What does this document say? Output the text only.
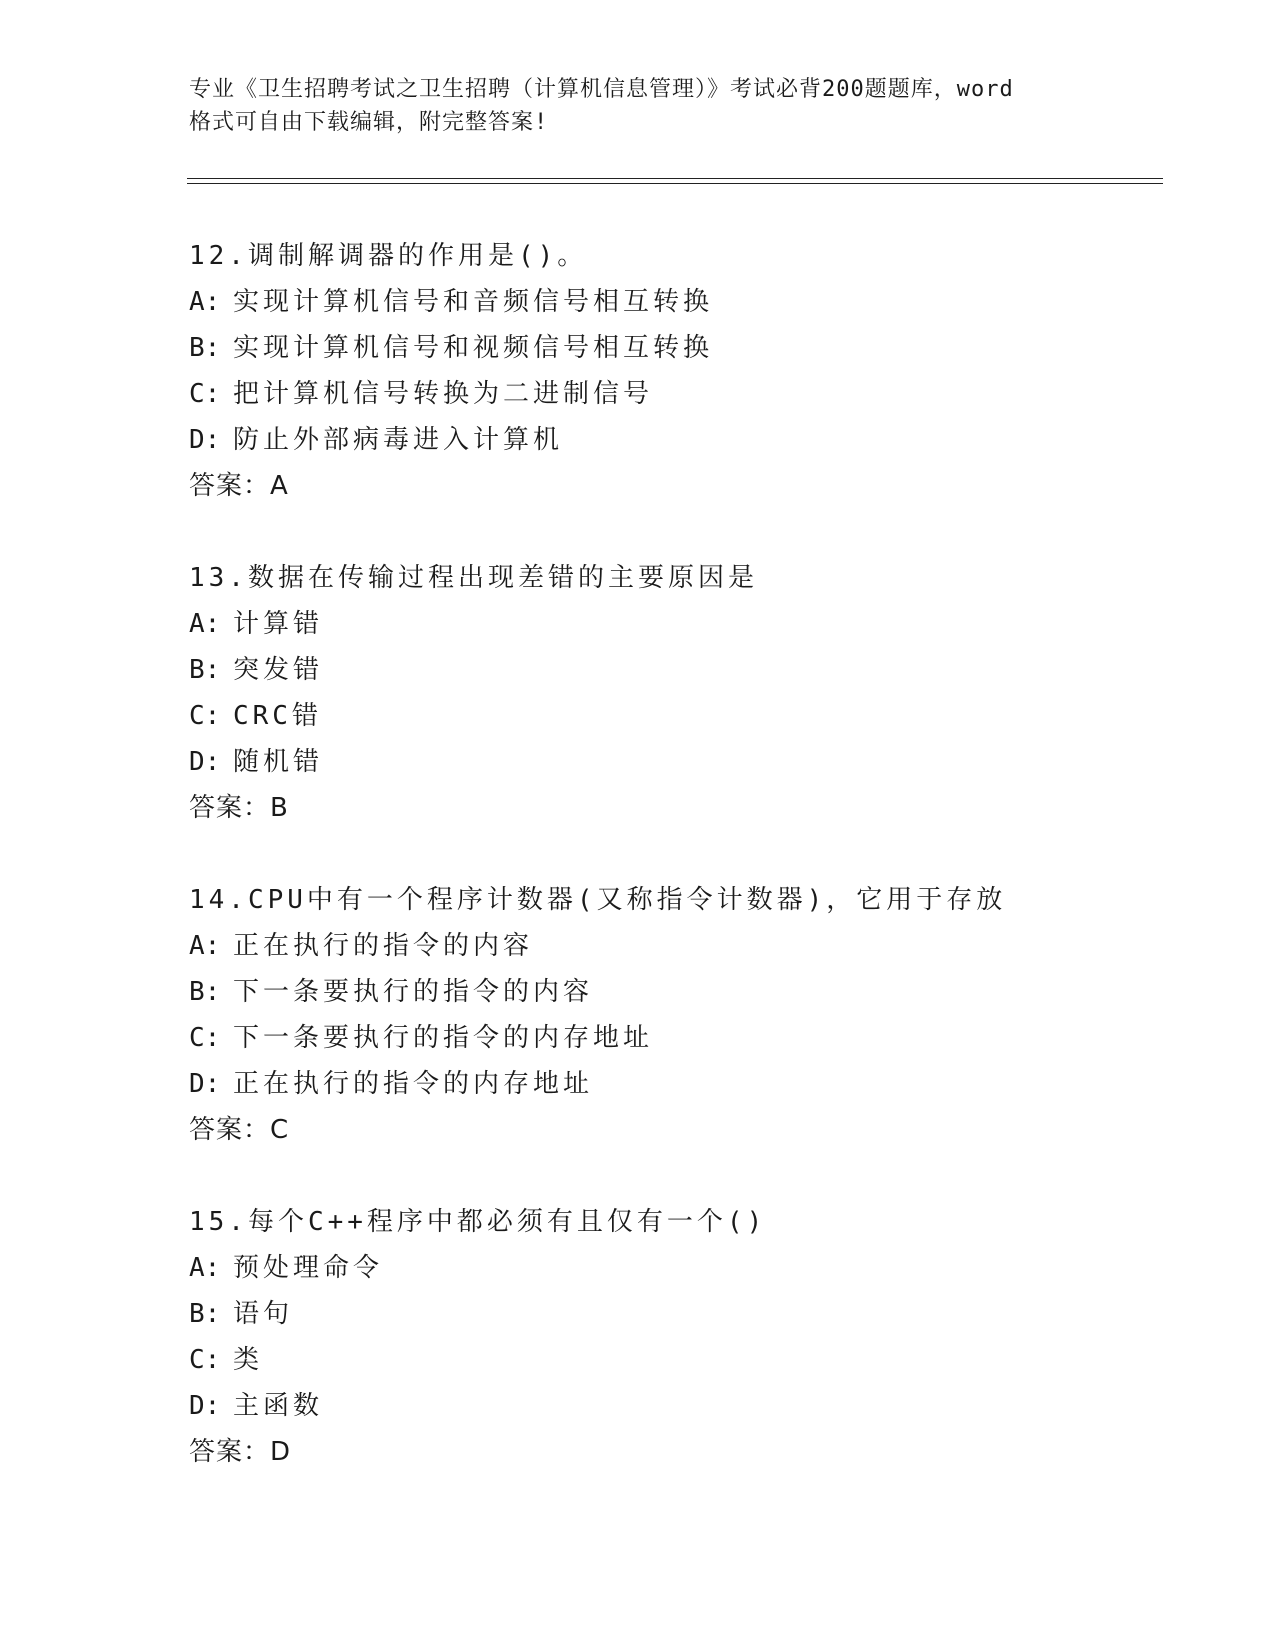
专业《卫生招聘考试之卫生招聘（计算机信息管理）》考试必背200题题库，word
格式可自由下载编辑，附完整答案!
12.调制解调器的作用是()。
A: 实现计算机信号和音频信号相互转换
B: 实现计算机信号和视频信号相互转换
C: 把计算机信号转换为二进制信号
D: 防止外部病毒进入计算机
答案：A
13.数据在传输过程出现差错的主要原因是
A: 计算错
B: 突发错
C: CRC错
D: 随机错
答案：B
14.CPU中有一个程序计数器(又称指令计数器)，它用于存放
A: 正在执行的指令的内容
B: 下一条要执行的指令的内容
C: 下一条要执行的指令的内存地址
D: 正在执行的指令的内存地址
答案：C
15.每个C++程序中都必须有且仅有一个()
A: 预处理命令
B: 语句
C: 类
D: 主函数
答案：D
